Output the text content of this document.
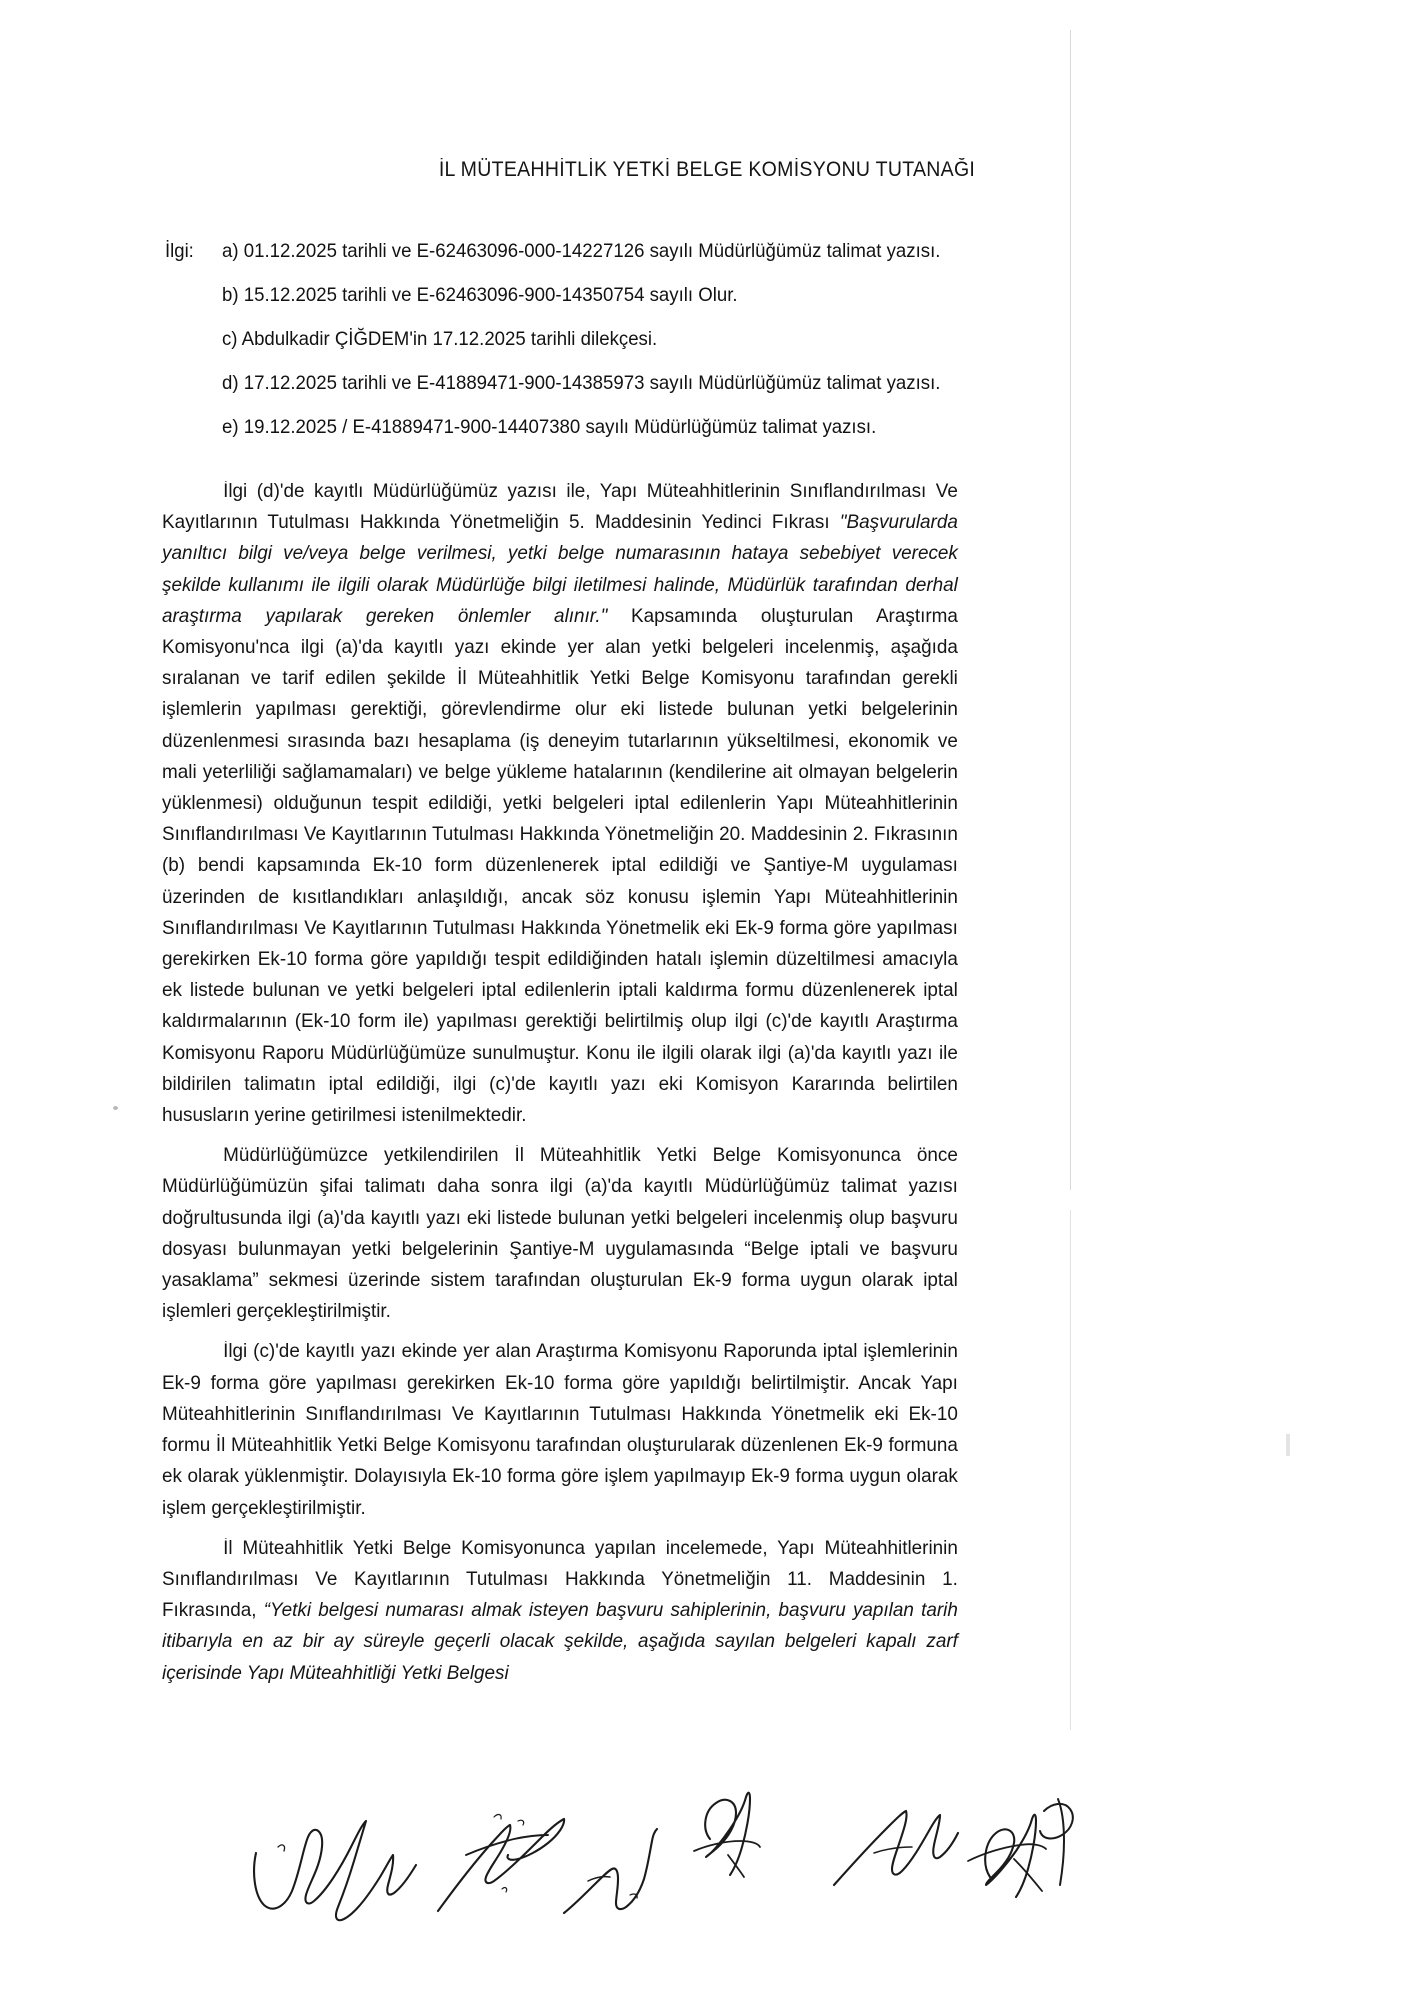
İL MÜTEAHHİTLİK YETKİ BELGE KOMİSYONU TUTANAĞI
İlgi:	a) 01.12.2025 tarihli ve E-62463096-000-14227126 sayılı Müdürlüğümüz talimat yazısı.
b) 15.12.2025 tarihli ve E-62463096-900-14350754 sayılı Olur.
c) Abdulkadir ÇİĞDEM'in 17.12.2025 tarihli dilekçesi.
d) 17.12.2025 tarihli ve E-41889471-900-14385973 sayılı Müdürlüğümüz talimat yazısı.
e) 19.12.2025 / E-41889471-900-14407380 sayılı Müdürlüğümüz talimat yazısı.

İlgi (d)'de kayıtlı Müdürlüğümüz yazısı ile, Yapı Müteahhitlerinin Sınıflandırılması Ve Kayıtlarının Tutulması Hakkında Yönetmeliğin 5. Maddesinin Yedinci Fıkrası "Başvurularda yanıltıcı bilgi ve/veya belge verilmesi, yetki belge numarasının hataya sebebiyet verecek şekilde kullanımı ile ilgili olarak Müdürlüğe bilgi iletilmesi halinde, Müdürlük tarafından derhal araştırma yapılarak gereken önlemler alınır." Kapsamında oluşturulan Araştırma Komisyonu'nca ilgi (a)'da kayıtlı yazı ekinde yer alan yetki belgeleri incelenmiş, aşağıda sıralanan ve tarif edilen şekilde İl Müteahhitlik Yetki Belge Komisyonu tarafından gerekli işlemlerin yapılması gerektiği, görevlendirme olur eki listede bulunan yetki belgelerinin düzenlenmesi sırasında bazı hesaplama (iş deneyim tutarlarının yükseltilmesi, ekonomik ve mali yeterliliği sağlamamaları) ve belge yükleme hatalarının (kendilerine ait olmayan belgelerin yüklenmesi) olduğunun tespit edildiği, yetki belgeleri iptal edilenlerin Yapı Müteahhitlerinin Sınıflandırılması Ve Kayıtlarının Tutulması Hakkında Yönetmeliğin 20. Maddesinin 2. Fıkrasının (b) bendi kapsamında Ek-10 form düzenlenerek iptal edildiği ve Şantiye-M uygulaması üzerinden de kısıtlandıkları anlaşıldığı, ancak söz konusu işlemin Yapı Müteahhitlerinin Sınıflandırılması Ve Kayıtlarının Tutulması Hakkında Yönetmelik eki Ek-9 forma göre yapılması gerekirken Ek-10 forma göre yapıldığı tespit edildiğinden hatalı işlemin düzeltilmesi amacıyla ek listede bulunan ve yetki belgeleri iptal edilenlerin iptali kaldırma formu düzenlenerek iptal kaldırmalarının (Ek-10 form ile) yapılması gerektiği belirtilmiş olup ilgi (c)'de kayıtlı Araştırma Komisyonu Raporu Müdürlüğümüze sunulmuştur. Konu ile ilgili olarak ilgi (a)'da kayıtlı yazı ile bildirilen talimatın iptal edildiği, ilgi (c)'de kayıtlı yazı eki Komisyon Kararında belirtilen hususların yerine getirilmesi istenilmektedir.

Müdürlüğümüzce yetkilendirilen İl Müteahhitlik Yetki Belge Komisyonunca önce Müdürlüğümüzün şifai talimatı daha sonra ilgi (a)'da kayıtlı Müdürlüğümüz talimat yazısı doğrultusunda ilgi (a)'da kayıtlı yazı eki listede bulunan yetki belgeleri incelenmiş olup başvuru dosyası bulunmayan yetki belgelerinin Şantiye-M uygulamasında “Belge iptali ve başvuru yasaklama” sekmesi üzerinde sistem tarafından oluşturulan Ek-9 forma uygun olarak iptal işlemleri gerçekleştirilmiştir.

İlgi (c)'de kayıtlı yazı ekinde yer alan Araştırma Komisyonu Raporunda iptal işlemlerinin Ek-9 forma göre yapılması gerekirken Ek-10 forma göre yapıldığı belirtilmiştir. Ancak Yapı Müteahhitlerinin Sınıflandırılması Ve Kayıtlarının Tutulması Hakkında Yönetmelik eki Ek-10 formu İl Müteahhitlik Yetki Belge Komisyonu tarafından oluşturularak düzenlenen Ek-9 formuna ek olarak yüklenmiştir. Dolayısıyla Ek-10 forma göre işlem yapılmayıp Ek-9 forma uygun olarak işlem gerçekleştirilmiştir.

İl Müteahhitlik Yetki Belge Komisyonunca yapılan incelemede, Yapı Müteahhitlerinin Sınıflandırılması Ve Kayıtlarının Tutulması Hakkında Yönetmeliğin 11. Maddesinin 1. Fıkrasında, “Yetki belgesi numarası almak isteyen başvuru sahiplerinin, başvuru yapılan tarih itibarıyla en az bir ay süreyle geçerli olacak şekilde, aşağıda sayılan belgeleri kapalı zarf içerisinde Yapı Müteahhitliği Yetki Belgesi
